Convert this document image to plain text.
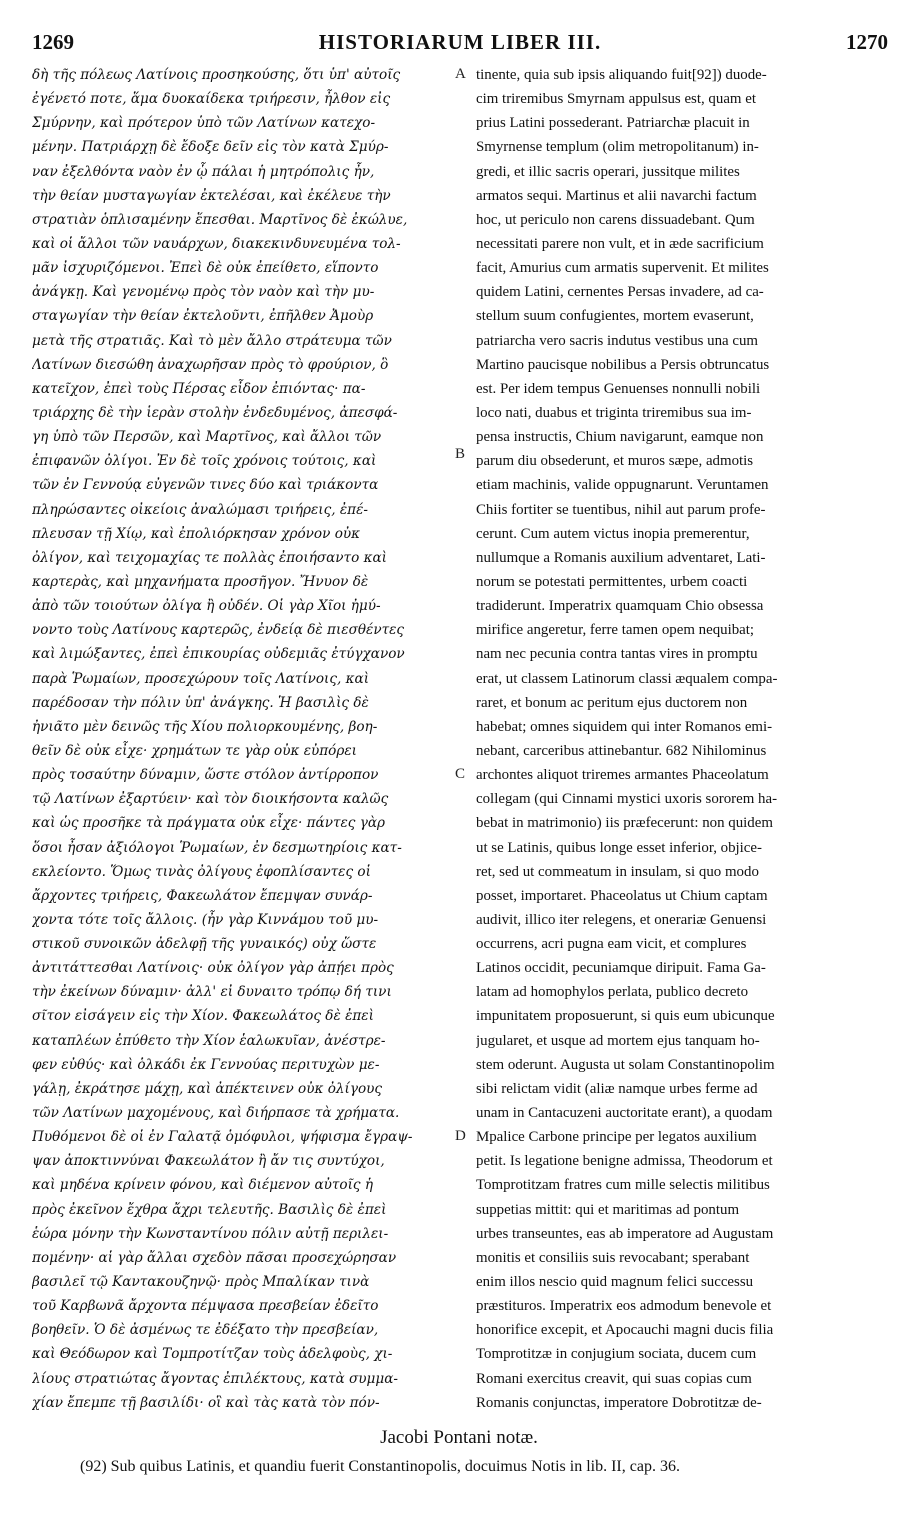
1269	HISTORIARUM LIBER III.	1270
δὴ τῆς πόλεως Λατίνοις προσηκούσης, ὅτι ὑπ' αὐτοῖς
ἐγένετό ποτε, ἅμα δυοκαίδεκα τριήρεσιν, ἦλθον εἰς
Σμύρνην, καὶ πρότερον ὑπὸ τῶν Λατίνων κατεχο-
μένην. Πατριάρχῃ δὲ ἔδοξε δεῖν εἰς τὸν κατὰ Σμύρ-
ναν ἐξελθόντα ναὸν ἐν ᾧ πάλαι ἡ μητρόπολις ἦν,
τὴν θείαν μυσταγωγίαν ἐκτελέσαι, καὶ ἐκέλευε τὴν
στρατιὰν ὁπλισαμένην ἕπεσθαι. Μαρτῖνος δὲ ἐκώλυε,
καὶ οἱ ἄλλοι τῶν ναυάρχων, διακεκινδυνευμένα τολ-
μᾶν ἰσχυριζόμενοι. Ἐπεὶ δὲ οὐκ ἐπείθετο, εἵποντο
ἀνάγκῃ. Καὶ γενομένῳ πρὸς τὸν ναὸν καὶ τὴν μυ-
σταγωγίαν τὴν θείαν ἐκτελοῦντι, ἐπῆλθεν Ἀμοὺρ
μετὰ τῆς στρατιᾶς. Καὶ τὸ μὲν ἄλλο στράτευμα τῶν
Λατίνων διεσώθη ἀναχωρῆσαν πρὸς τὸ φρούριον, ὃ
κατεῖχον, ἐπεὶ τοὺς Πέρσας εἶδον ἐπιόντας· πα-
τριάρχης δὲ τὴν ἱερὰν στολὴν ἐνδεδυμένος, ἀπεσφά-
γη ὑπὸ τῶν Περσῶν, καὶ Μαρτῖνος, καὶ ἄλλοι τῶν
ἐπιφανῶν ὀλίγοι. Ἐν δὲ τοῖς χρόνοις τούτοις, καὶ
τῶν ἐν Γεννούᾳ εὐγενῶν τινες δύο καὶ τριάκοντα
πληρώσαντες οἰκείοις ἀναλώμασι τριήρεις, ἐπέ-
πλευσαν τῇ Χίῳ, καὶ ἐπολιόρκησαν χρόνον οὐκ
ὀλίγον, καὶ τειχομαχίας τε πολλὰς ἐποιήσαντο καὶ
καρτερὰς, καὶ μηχανήματα προσῆγον. Ἤνυον δὲ
ἀπὸ τῶν τοιούτων ὀλίγα ἢ οὐδέν. Οἱ γὰρ Χῖοι ἠμύ-
νοντο τοὺς Λατίνους καρτερῶς, ἐνδείᾳ δὲ πιεσθέντες
καὶ λιμώξαντες, ἐπεὶ ἐπικουρίας οὐδεμιᾶς ἐτύγχανον
παρὰ Ῥωμαίων, προσεχώρουν τοῖς Λατίνοις, καὶ
παρέδοσαν τὴν πόλιν ὑπ' ἀνάγκης. Ἡ βασιλὶς δὲ
ἠνιᾶτο μὲν δεινῶς τῆς Χίου πολιορκουμένης, βοη-
θεῖν δὲ οὐκ εἶχε· χρημάτων τε γὰρ οὐκ εὐπόρει
πρὸς τοσαύτην δύναμιν, ὥστε στόλον ἀντίρροπον
τῷ Λατίνων ἐξαρτύειν· καὶ τὸν διοικήσοντα καλῶς
καὶ ὡς προσῆκε τὰ πράγματα οὐκ εἶχε· πάντες γὰρ
ὅσοι ἦσαν ἀξιόλογοι Ῥωμαίων, ἐν δεσμωτηρίοις κατ-
εκλείοντο. Ὅμως τινὰς ὀλίγους ἐφοπλίσαντες οἱ
ἄρχοντες τριήρεις, Φακεωλάτον ἔπεμψαν συνάρ-
χοντα τότε τοῖς ἄλλοις. (ἦν γὰρ Κιννάμου τοῦ μυ-
στικοῦ συνοικῶν ἀδελφῇ τῆς γυναικός) οὐχ ὥστε
ἀντιτάττεσθαι Λατίνοις· οὐκ ὀλίγον γὰρ ἀπῄει πρὸς
τὴν ἐκείνων δύναμιν· ἀλλ' εἰ δυναιτο τρόπῳ δή τινι
σῖτον εἰσάγειν εἰς τὴν Χίον. Φακεωλάτος δὲ ἐπεὶ
καταπλέων ἐπύθετο τὴν Χίον ἑαλωκυῖαν, ἀνέστρε-
φεν εὐθύς· καὶ ὁλκάδι ἐκ Γεννούας περιτυχὼν με-
γάλῃ, ἐκράτησε μάχῃ, καὶ ἀπέκτεινεν οὐκ ὀλίγους
τῶν Λατίνων μαχομένους, καὶ διήρπασε τὰ χρήματα.
Πυθόμενοι δὲ οἱ ἐν Γαλατᾷ ὁμόφυλοι, ψήφισμα ἔγραψ-
ψαν ἀποκτιννύναι Φακεωλάτον ἢ ἄν τις συντύχοι,
καὶ μηδένα κρίνειν φόνου, καὶ διέμενον αὐτοῖς ἡ
πρὸς ἐκεῖνον ἔχθρα ἄχρι τελευτῆς. Βασιλὶς δὲ ἐπεὶ
ἑώρα μόνην τὴν Κωνσταντίνου πόλιν αὐτῇ περιλει-
πομένην· αἱ γὰρ ἄλλαι σχεδὸν πᾶσαι προσεχώρησαν
βασιλεῖ τῷ Καντακουζηνῷ· πρὸς Μπαλίκαν τινὰ
τοῦ Καρβωνᾶ ἄρχοντα πέμψασα πρεσβείαν ἐδεῖτο
βοηθεῖν. Ὁ δὲ ἀσμένως τε ἐδέξατο τὴν πρεσβείαν,
καὶ Θεόδωρον καὶ Τομπροτίτζαν τοὺς ἀδελφοὺς, χι-
λίους στρατιώτας ἄγοντας ἐπιλέκτους, κατὰ συμμα-
χίαν ἔπεμπε τῇ βασιλίδι· οἳ καὶ τὰς κατὰ τὸν πόν-
tinente, quia sub ipsis aliquando fuit[92]) duode-
cim triremibus Smyrnam appulsus est, quam et
prius Latini possederant. Patriarchæ placuit in
Smyrnense templum (olim metropolitanum) in-
gredi, et illic sacris operari, jussitque milites
armatos sequi. Martinus et alii navarchi factum
hoc, ut periculo non carens dissuadebant. Qum
necessitati parere non vult, et in æde sacrificium
facit, Amurius cum armatis supervenit. Et milites
quidem Latini, cernentes Persas invadere, ad ca-
stellum suum confugientes, mortem evaserunt,
patriarcha vero sacris indutus vestibus una cum
Martino paucisque nobilibus a Persis obtruncatus
est. Per idem tempus Genuenses nonnulli nobili
loco nati, duabus et triginta triremibus sua im-
pensa instructis, Chium navigarunt, eamque non
parum diu obsederunt, et muros sæpe, admotis
etiam machinis, valide oppugnarunt. Veruntamen
Chiis fortiter se tuentibus, nihil aut parum profe-
cerunt. Cum autem victus inopia premerentur,
nullumque a Romanis auxilium adventaret, Lati-
norum se potestati permittentes, urbem coacti
tradiderunt. Imperatrix quamquam Chio obsessa
mirifice angeretur, ferre tamen opem nequibat;
nam nec pecunia contra tantas vires in promptu
erat, ut classem Latinorum classi æqualem compa-
raret, et bonum ac peritum ejus ductorem non
habebat; omnes siquidem qui inter Romanos emi-
nebant, carceribus attinebantur. 682 Nihilominus
archontes aliquot triremes armantes Phaceolatum
collegam (qui Cinnami mystici uxoris sororem ha-
bebat in matrimonio) iis præfecerunt: non quidem
ut se Latinis, quibus longe esset inferior, objice-
ret, sed ut commeatum in insulam, si quo modo
posset, importaret. Phaceolatus ut Chium captam
audivit, illico iter relegens, et onerariæ Genuensi
occurrens, acri pugna eam vicit, et complures
Latinos occidit, pecuniamque diripuit. Fama Ga-
latam ad homophylos perlata, publico decreto
impunitatem proposuerunt, si quis eum ubicunque
jugularet, et usque ad mortem ejus tanquam ho-
stem oderunt. Augusta ut solam Constantinopolim
sibi relictam vidit (aliæ namque urbes ferme ad
unam in Cantacuzeni auctoritate erant), a quodam
Mpalice Carbone principe per legatos auxilium
petit. Is legatione benigne admissa, Theodorum et
Tomprotitzam fratres cum mille selectis militibus
suppetias mittit: qui et maritimas ad pontum
urbes transeuntes, eas ab imperatore ad Augustam
monitis et consiliis suis revocabant; sperabant
enim illos nescio quid magnum felici successu
præstituros. Imperatrix eos admodum benevole et
honorifice excepit, et Apocauchi magni ducis filia
Tomprotitzæ in conjugium sociata, ducem cum
Romani exercitus creavit, qui suas copias cum
Romanis conjunctas, imperatore Dobrotitzæ de-
A
B
C
D
Jacobi Pontani notæ.
(92) Sub quibus Latinis, et quandiu fuerit Constantinopolis, docuimus Notis in lib. II, cap. 36.
